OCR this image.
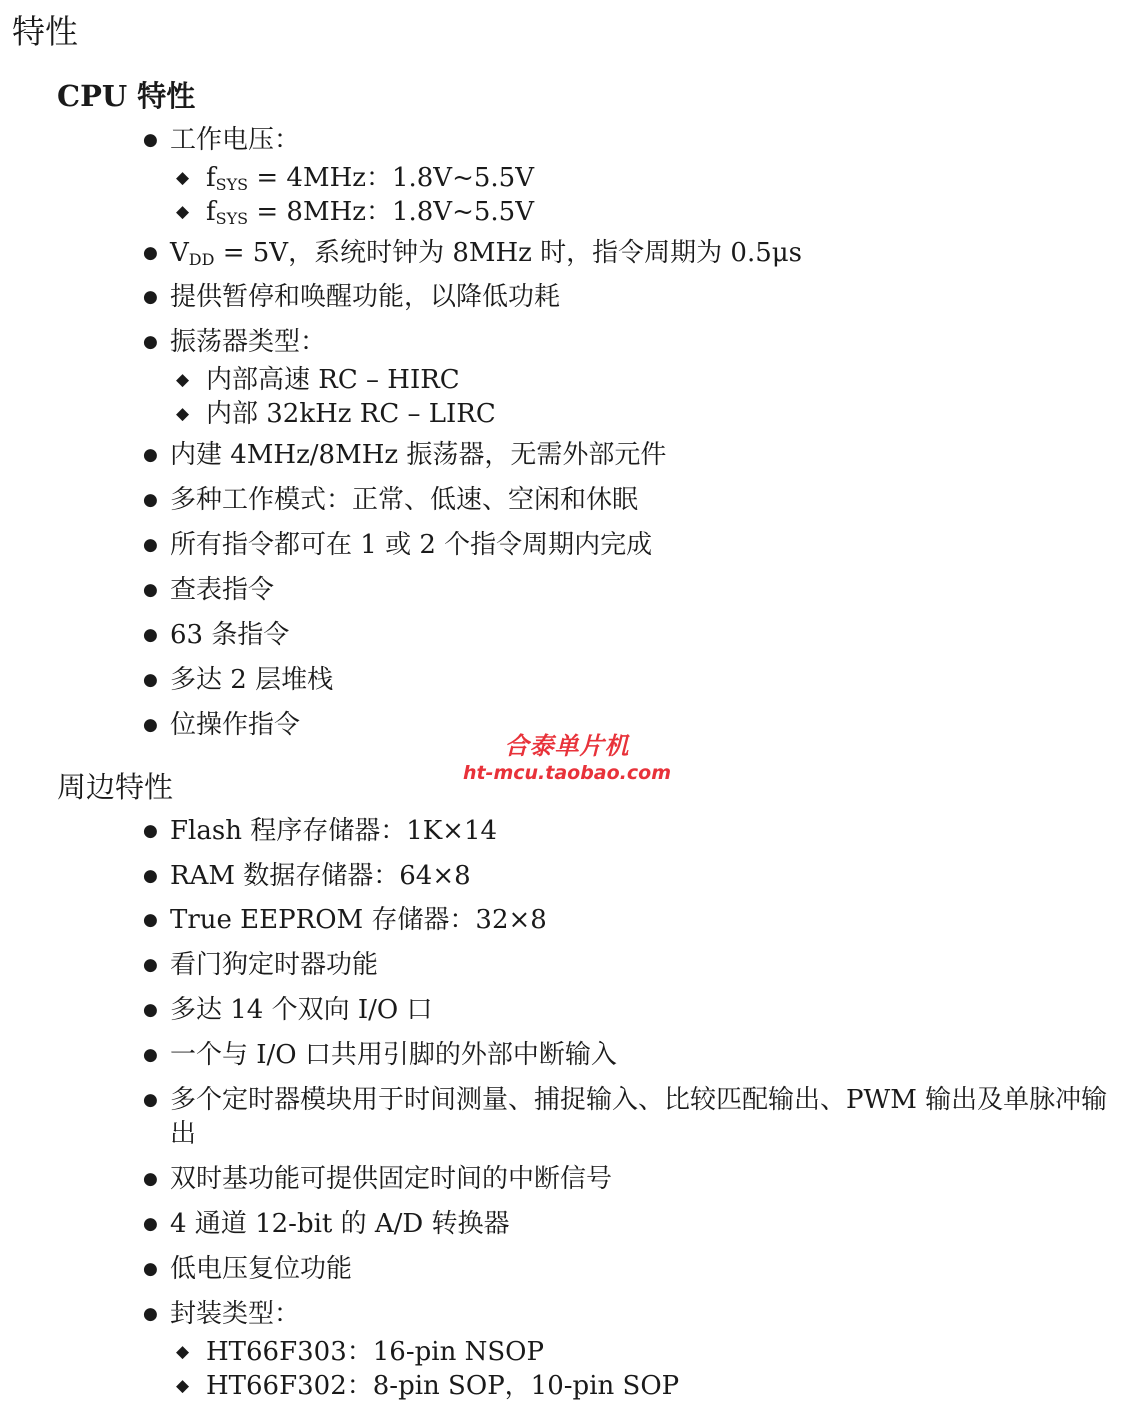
特性
CPU 特性
● 工作电压：
◆ $f_{SYS} = 4MHz$：1.8V~5.5V
◆ $f_{SYS} = 8MHz$：1.8V~5.5V
● $V_{DD} = 5V$，系统时钟为 8MHz 时，指令周期为 0.5μs
● 提供暂停和唤醒功能，以降低功耗
● 振荡器类型：
◆ 内部高速 RC – HIRC
◆ 内部 32kHz RC – LIRC
● 内建 4MHz/8MHz 振荡器，无需外部元件
● 多种工作模式：正常、低速、空闲和休眠
● 所有指令都可在 1 或 2 个指令周期内完成
● 查表指令
● 63 条指令
● 多达 2 层堆栈
● 位操作指令
合泰单片机
ht-mcu.taobao.com
周边特性
● Flash 程序存储器：1K×14
● RAM 数据存储器：64×8
● True EEPROM 存储器：32×8
● 看门狗定时器功能
● 多达 14 个双向 I/O 口
● 一个与 I/O 口共用引脚的外部中断输入
● 多个定时器模块用于时间测量、捕捉输入、比较匹配输出、PWM 输出及单脉冲输出
● 双时基功能可提供固定时间的中断信号
● 4 通道 12-bit 的 A/D 转换器
● 低电压复位功能
● 封装类型：
◆ HT66F303：16-pin NSOP
◆ HT66F302：8-pin SOP，10-pin SOP
